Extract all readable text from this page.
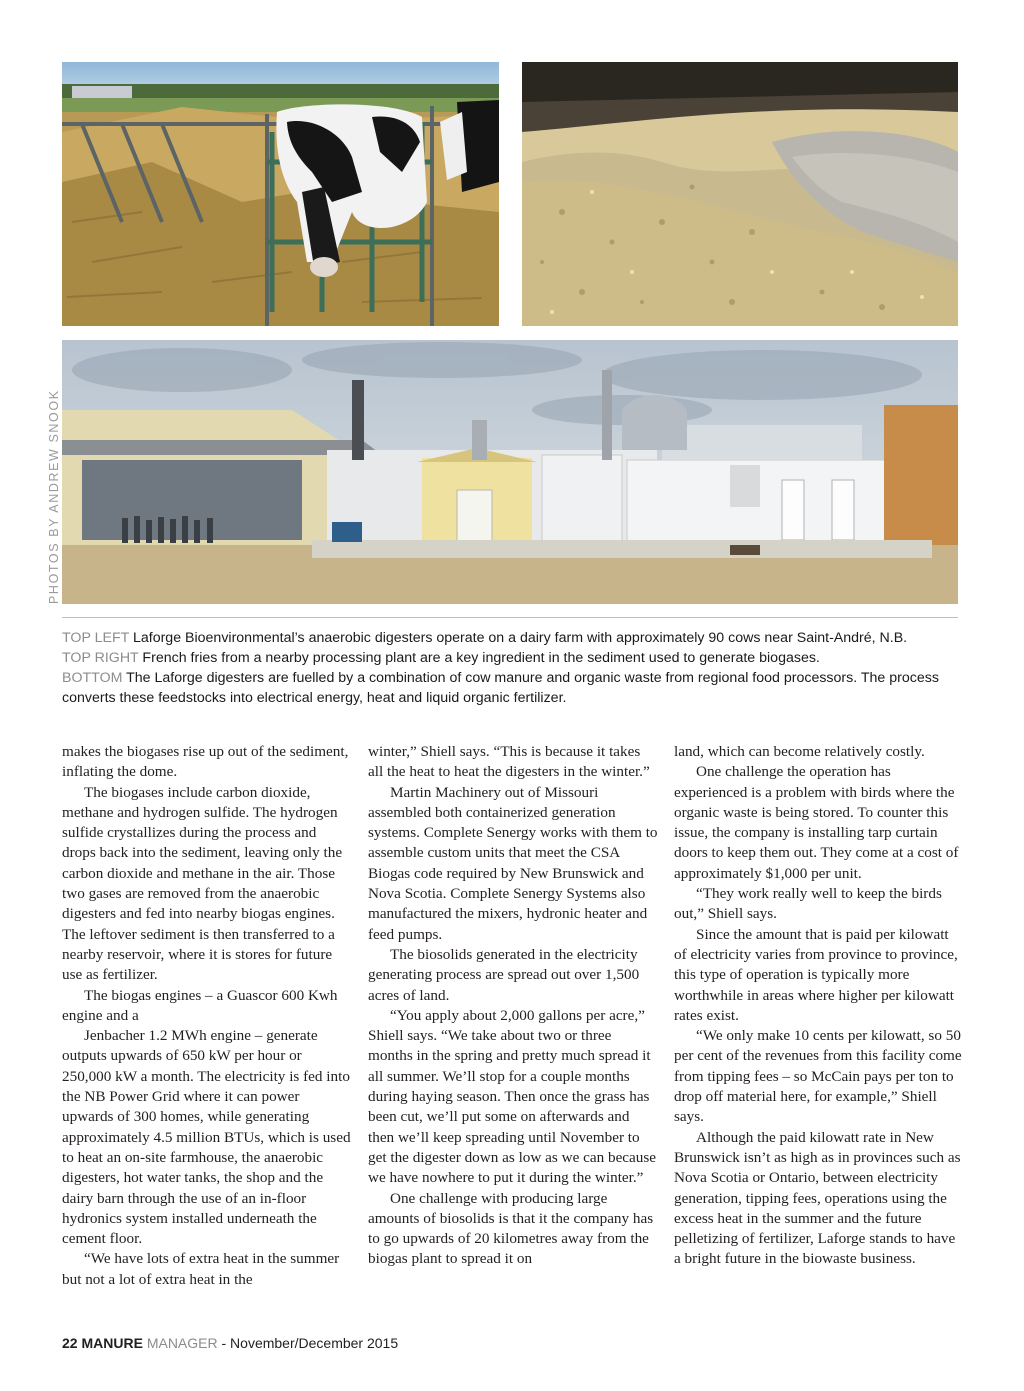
PHOTOS BY ANDREW SNOOK

TOP LEFT Laforge Bioenvironmental’s anaerobic digesters operate on a dairy farm with approximately 90 cows near Saint-André, N.B.

TOP RIGHT French fries from a nearby processing plant are a key ingredient in the sediment used to generate biogases.

BOTTOM The Laforge digesters are fuelled by a combination of cow manure and organic waste from regional food processors. The process converts these feedstocks into electrical energy, heat and liquid organic fertilizer.

makes the biogases rise up out of the sediment, inflating the dome.

The biogases include carbon dioxide, methane and hydrogen sulfide. The hydrogen sulfide crystallizes during the process and drops back into the sediment, leaving only the carbon dioxide and methane in the air. Those two gases are removed from the anaerobic digesters and fed into nearby biogas engines. The leftover sediment is then transferred to a nearby reservoir, where it is stores for future use as fertilizer.

The biogas engines – a Guascor 600 Kwh engine and a

Jenbacher 1.2 MWh engine – generate outputs upwards of 650 kW per hour or 250,000 kW a month. The electricity is fed into the NB Power Grid where it can power upwards of 300 homes, while generating approximately 4.5 million BTUs, which is used to heat an on-site farmhouse, the anaerobic digesters, hot water tanks, the shop and the dairy barn through the use of an in-floor hydronics system installed underneath the cement floor.

“We have lots of extra heat in the summer but not a lot of extra heat in the

winter,” Shiell says. “This is because it takes all the heat to heat the digesters in the winter.”

Martin Machinery out of Missouri assembled both containerized generation systems. Complete Senergy works with them to assemble custom units that meet the CSA Biogas code required by New Brunswick and Nova Scotia. Complete Senergy Systems also manufactured the mixers, hydronic heater and feed pumps.

The biosolids generated in the electricity generating process are spread out over 1,500 acres of land.

“You apply about 2,000 gallons per acre,” Shiell says. “We take about two or three months in the spring and pretty much spread it all summer. We’ll stop for a couple months during haying season. Then once the grass has been cut, we’ll put some on afterwards and then we’ll keep spreading until November to get the digester down as low as we can because we have nowhere to put it during the winter.”

One challenge with producing large amounts of biosolids is that it the company has to go upwards of 20 kilometres away from the biogas plant to spread it on

land, which can become relatively costly.

One challenge the operation has experienced is a problem with birds where the organic waste is being stored. To counter this issue, the company is installing tarp curtain doors to keep them out. They come at a cost of approximately $1,000 per unit.

“They work really well to keep the birds out,” Shiell says.

Since the amount that is paid per kilowatt of electricity varies from province to province, this type of operation is typically more worthwhile in areas where higher per kilowatt rates exist.

“We only make 10 cents per kilowatt, so 50 per cent of the revenues from this facility come from tipping fees – so McCain pays per ton to drop off material here, for example,” Shiell says.

Although the paid kilowatt rate in New Brunswick isn’t as high as in provinces such as Nova Scotia or Ontario, between electricity generation, tipping fees, operations using the excess heat in the summer and the future pelletizing of fertilizer, Laforge stands to have a bright future in the biowaste business.

22 MANURE MANAGER - November/December 2015
